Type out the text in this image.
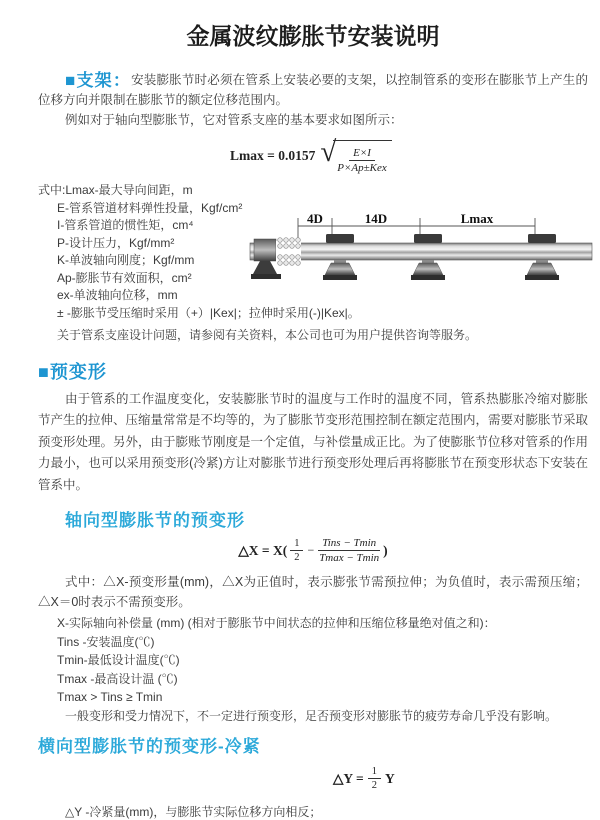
金属波纹膨胀节安装说明

■支架：安装膨胀节时必须在管系上安装必要的支架，以控制管系的变形在膨胀节上产生的位移方向并限制在膨胀节的额定位移范围内。

例如对于轴向型膨胀节，它对管系支座的基本要求如图所示：

Lmax = 0.0157 √ $\frac{E\times I}{\text{P×Ap±Kex}}$
式中:Lmax-最大导向间距，m
E-管系管道材料弹性投量，Kgf/cm²
I-管系管道的惯性矩，cm⁴
P-设计压力，Kgf/mm²
K-单波轴向刚度；Kgf/mm
Ap-膨胀节有效面积，cm²
ex-单波轴向位移，mm
± -膨胀节受压缩时采用（+）|Kex|；拉伸时采用(-)|Kex|。
关于管系支座设计问题，请参阅有关资料，本公司也可为用户提供咨询等服务。
4D	14D	Lmax
■预变形

由于管系的工作温度变化，安装膨胀节时的温度与工作时的温度不同，管系热膨胀冷缩对膨胀节产生的拉伸、压缩量常常是不均等的，为了膨胀节变形范围控制在额定范围内，需要对膨胀节采取预变形处理。另外，由于膨账节刚度是一个定值，与补偿量成正比。为了使膨胀节位移对管系的作用力最小，也可以采用预变形(冷紧)方让对膨胀节进行预变形处理后再将膨胀节在预变形状态下安装在管系中。

轴向型膨胀节的预变形
△X = $X( \frac{1}{2} - \frac{\text{Tins − Tmin}}{Tmax - Tmin}$ )

式中：△X-预变形量(mm)，△X为正值时，表示膨张节需预拉伸；为负值时，表示需预压缩；△X＝0时表示不需预变形。

X-实际轴向补偿量 (mm) (相对于膨胀节中间状态的拉伸和压缩位移量绝对值之和)：
Tins -安装温度(℃)
Tmin-最低设计温度(℃)
Tmax -最高设计温 (℃)
Tmax > Tins ≥ Tmin

一般变形和受力情况下，不一定进行预变形，足否预变形对膨胀节的疲劳寿命几乎没有影响。

横向型膨胀节的预变形-冷紧
△Y = $\frac{1}{2}$ Y

△Y -冷紧量(mm)，与膨胀节实际位移方向相反；
